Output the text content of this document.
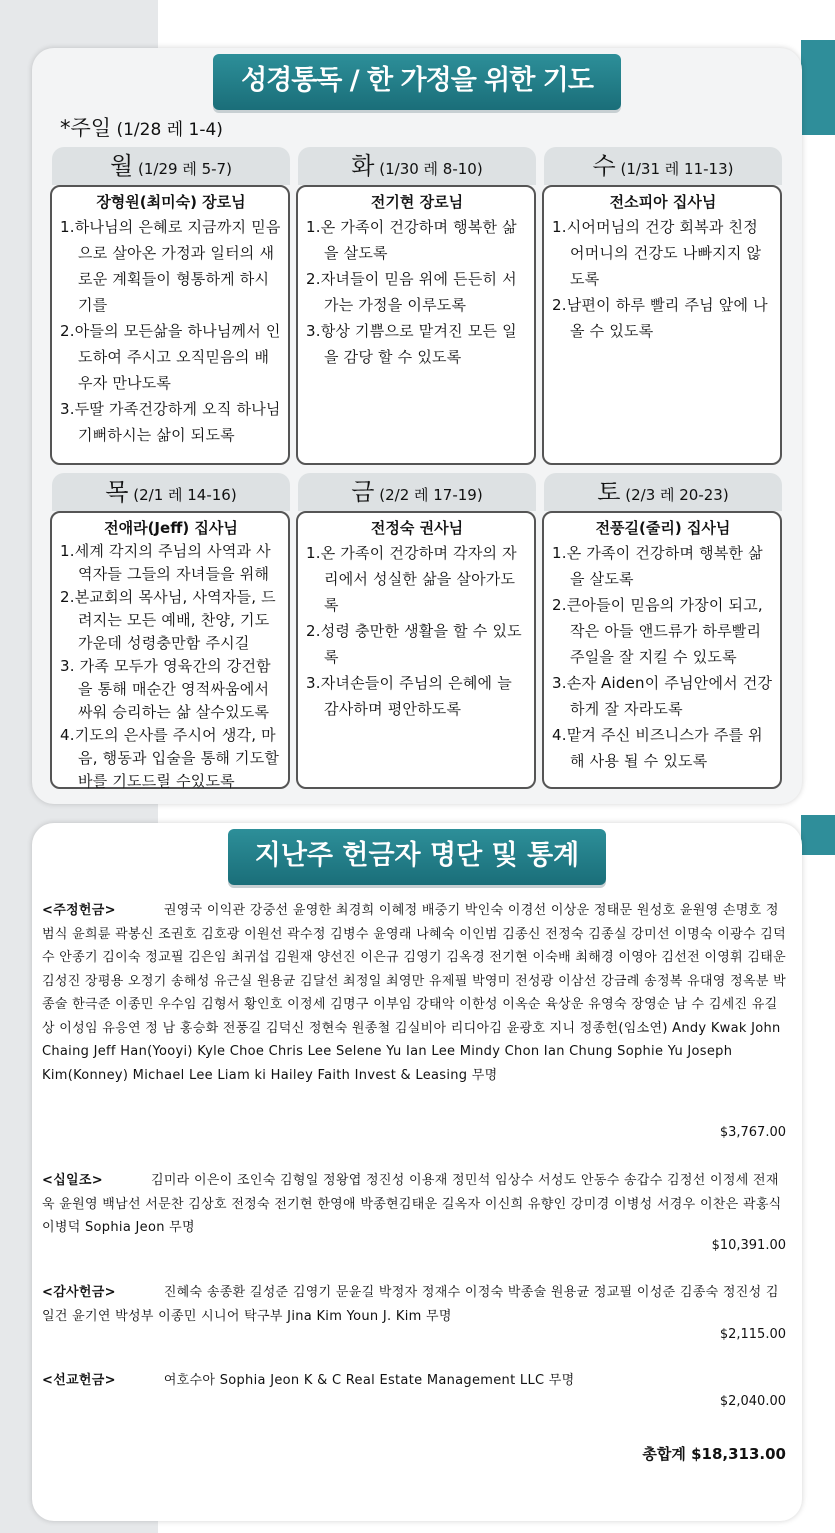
성경통독 / 한 가정을 위한 기도
*주일 (1/28 레 1-4)
월 (1/29 레 5-7)	화 (1/30 레 8-10)	수 (1/31 레 11-13)
장형원(최미숙) 장로님
1.하나님의 은혜로 지금까지 믿음으로 살아온 가정과 일터의 새로운 계획들이 형통하게 하시기를
2.아들의 모든삶을 하나님께서 인도하여 주시고 오직믿음의 배우자 만나도록
3.두딸 가족건강하게 오직 하나님 기뻐하시는 삶이 되도록
전기현 장로님
1.온 가족이 건강하며 행복한 삶을 살도록
2.자녀들이 믿음 위에 든든히 서가는 가정을 이루도록
3.항상 기쁨으로 맡겨진 모든 일을 감당 할 수 있도록
전소피아 집사님
1.시어머님의 건강 회복과 친정 어머니의 건강도 나빠지지 않도록
2.남편이 하루 빨리 주님 앞에 나올 수 있도록
목 (2/1 레 14-16)	금 (2/2 레 17-19)	토 (2/3 레 20-23)
전애라(Jeff) 집사님
1.세계 각지의 주님의 사역과 사역자들 그들의 자녀들을 위해
2.본교회의 목사님, 사역자들, 드려지는 모든 예배, 찬양, 기도가운데 성령충만함 주시길
3. 가족 모두가 영육간의 강건함을 통해 매순간 영적싸움에서 싸워 승리하는 삶 살수있도록
4.기도의 은사를 주시어 생각, 마음, 행동과 입술을 통해 기도할 바를 기도드릴 수있도록
전정숙 권사님
1.온 가족이 건강하며 각자의 자리에서 성실한 삶을 살아가도록
2.성령 충만한 생활을 할 수 있도록
3.자녀손들이 주님의 은혜에 늘 감사하며 평안하도록
전풍길(줄리) 집사님
1.온 가족이 건강하며 행복한 삶을 살도록
2.큰아들이 믿음의 가장이 되고, 작은 아들 앤드류가 하루빨리 주일을 잘 지킬 수 있도록
3.손자 Aiden이 주님안에서 건강하게 잘 자라도록
4.맡겨 주신 비즈니스가 주를 위해 사용 될 수 있도록
지난주 헌금자 명단 및 통계
<주정헌금>	권영국 이익관 강중선 윤영한 최경희 이혜정 배중기 박인숙 이경선 이상운 정태문 원성호 윤원영 손명호 정범식 윤희륜 곽봉신 조권호 김호광 이원선 곽수정 김병수 윤영래 나혜숙 이인범 김종신 전정숙 김종실 강미선 이명숙 이광수 김덕수 안종기 김이숙 정교필 김은임 최귀섭 김원재 양선진 이은규 김영기 김옥경 전기현 이숙배 최해경 이영아 김선전 이영휘 김태운 김성진 장평용 오정기 송해성 유근실 원용균 김달선 최정일 최영만 유제필 박영미 전성광 이삼선 강금례 송정복 유대영 정옥분 박종술 한극준 이종민 우수임 김형서 황인호 이정세 김명구 이부임 강태악 이한성 이옥순 육상운 유영숙 장영순 남 수 김세진 유길상 이성임 유응연 정 남 홍승화 전풍길 김덕신 정현숙 원종철 김실비아 리디아김 윤광호 지니 정종헌(임소연) Andy Kwak John Chaing Jeff Han(Yooyi) Kyle Choe Chris Lee Selene Yu Ian Lee Mindy Chon Ian Chung Sophie Yu Joseph Kim(Konney) Michael Lee Liam ki Hailey Faith Invest & Leasing 무명
$3,767.00
<십일조>	김미라 이은이 조인숙 김형일 정왕엽 정진성 이용재 정민석 임상수 서성도 안동수 송갑수 김정선 이정세 전재욱 윤원영 백남선 서문찬 김상호 전정숙 전기현 한영애 박종현김태운 길옥자 이신희 유향인 강미경 이병성 서경우 이찬은 곽홍식 이병덕 Sophia Jeon 무명
$10,391.00
<감사헌금>	진혜숙 송종환 길성준 김영기 문윤길 박정자 정재수 이정숙 박종술 원용균 정교필 이성준 김종숙 정진성 김일건 윤기연 박성부 이종민 시니어 탁구부 Jina Kim Youn J. Kim 무명
$2,115.00
<선교헌금>	여호수아 Sophia Jeon K & C Real Estate Management LLC 무명
$2,040.00
총합계 $18,313.00
